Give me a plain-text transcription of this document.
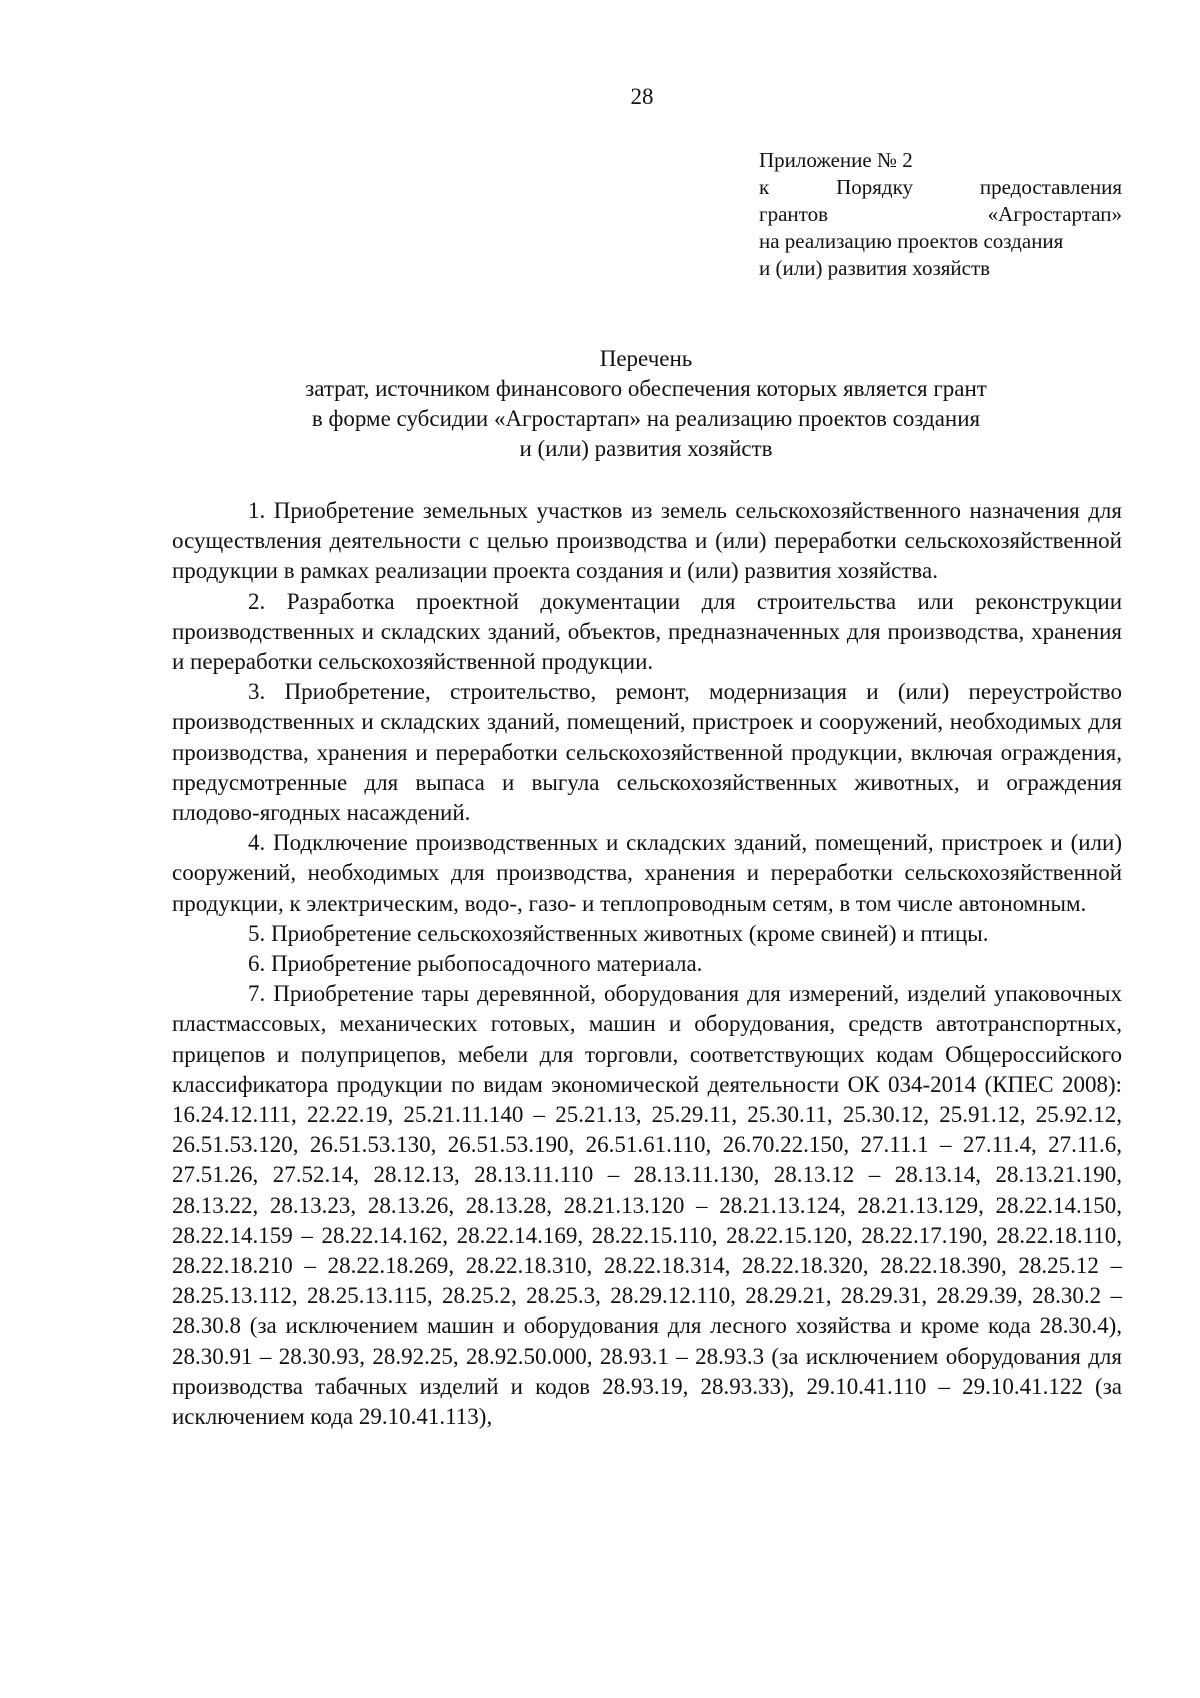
28

Приложение № 2
к Порядку предоставления
грантов «Агростартап»
на реализацию проектов создания
и (или) развития хозяйств
Перечень
затрат, источником финансового обеспечения которых является грант
в форме субсидии «Агростартап» на реализацию проектов создания
и (или) развития хозяйств

1. Приобретение земельных участков из земель сельскохозяйственного назначения для осуществления деятельности с целью производства и (или) переработки сельскохозяйственной продукции в рамках реализации проекта создания и (или) развития хозяйства.

2. Разработка проектной документации для строительства или реконструкции производственных и складских зданий, объектов, предназначенных для производства, хранения и переработки сельскохозяйственной продукции.

3. Приобретение, строительство, ремонт, модернизация и (или) переустройство производственных и складских зданий, помещений, пристроек и сооружений, необходимых для производства, хранения и переработки сельскохозяйственной продукции, включая ограждения, предусмотренные для выпаса и выгула сельскохозяйственных животных, и ограждения плодово-ягодных насаждений.

4. Подключение производственных и складских зданий, помещений, пристроек и (или) сооружений, необходимых для производства, хранения и переработки сельскохозяйственной продукции, к электрическим, водо-, газо- и теплопроводным сетям, в том числе автономным.

5. Приобретение сельскохозяйственных животных (кроме свиней) и птицы.

6. Приобретение рыбопосадочного материала.

7. Приобретение тары деревянной, оборудования для измерений, изделий упаковочных пластмассовых, механических готовых, машин и оборудования, средств автотранспортных, прицепов и полуприцепов, мебели для торговли, соответствующих кодам Общероссийского классификатора продукции по видам экономической деятельности ОК 034-2014 (КПЕС 2008): 16.24.12.111, 22.22.19, 25.21.11.140 – 25.21.13, 25.29.11, 25.30.11, 25.30.12, 25.91.12, 25.92.12, 26.51.53.120, 26.51.53.130, 26.51.53.190, 26.51.61.110, 26.70.22.150, 27.11.1 – 27.11.4, 27.11.6, 27.51.26, 27.52.14, 28.12.13, 28.13.11.110 – 28.13.11.130, 28.13.12 – 28.13.14, 28.13.21.190, 28.13.22, 28.13.23, 28.13.26, 28.13.28, 28.21.13.120 – 28.21.13.124, 28.21.13.129, 28.22.14.150, 28.22.14.159 – 28.22.14.162, 28.22.14.169, 28.22.15.110, 28.22.15.120, 28.22.17.190, 28.22.18.110, 28.22.18.210 – 28.22.18.269, 28.22.18.310, 28.22.18.314, 28.22.18.320, 28.22.18.390, 28.25.12 – 28.25.13.112, 28.25.13.115, 28.25.2, 28.25.3, 28.29.12.110, 28.29.21, 28.29.31, 28.29.39, 28.30.2 – 28.30.8 (за исключением машин и оборудования для лесного хозяйства и кроме кода 28.30.4), 28.30.91 – 28.30.93, 28.92.25, 28.92.50.000, 28.93.1 – 28.93.3 (за исключением оборудования для производства табачных изделий и кодов 28.93.19, 28.93.33), 29.10.41.110 – 29.10.41.122 (за исключением кода 29.10.41.113),
